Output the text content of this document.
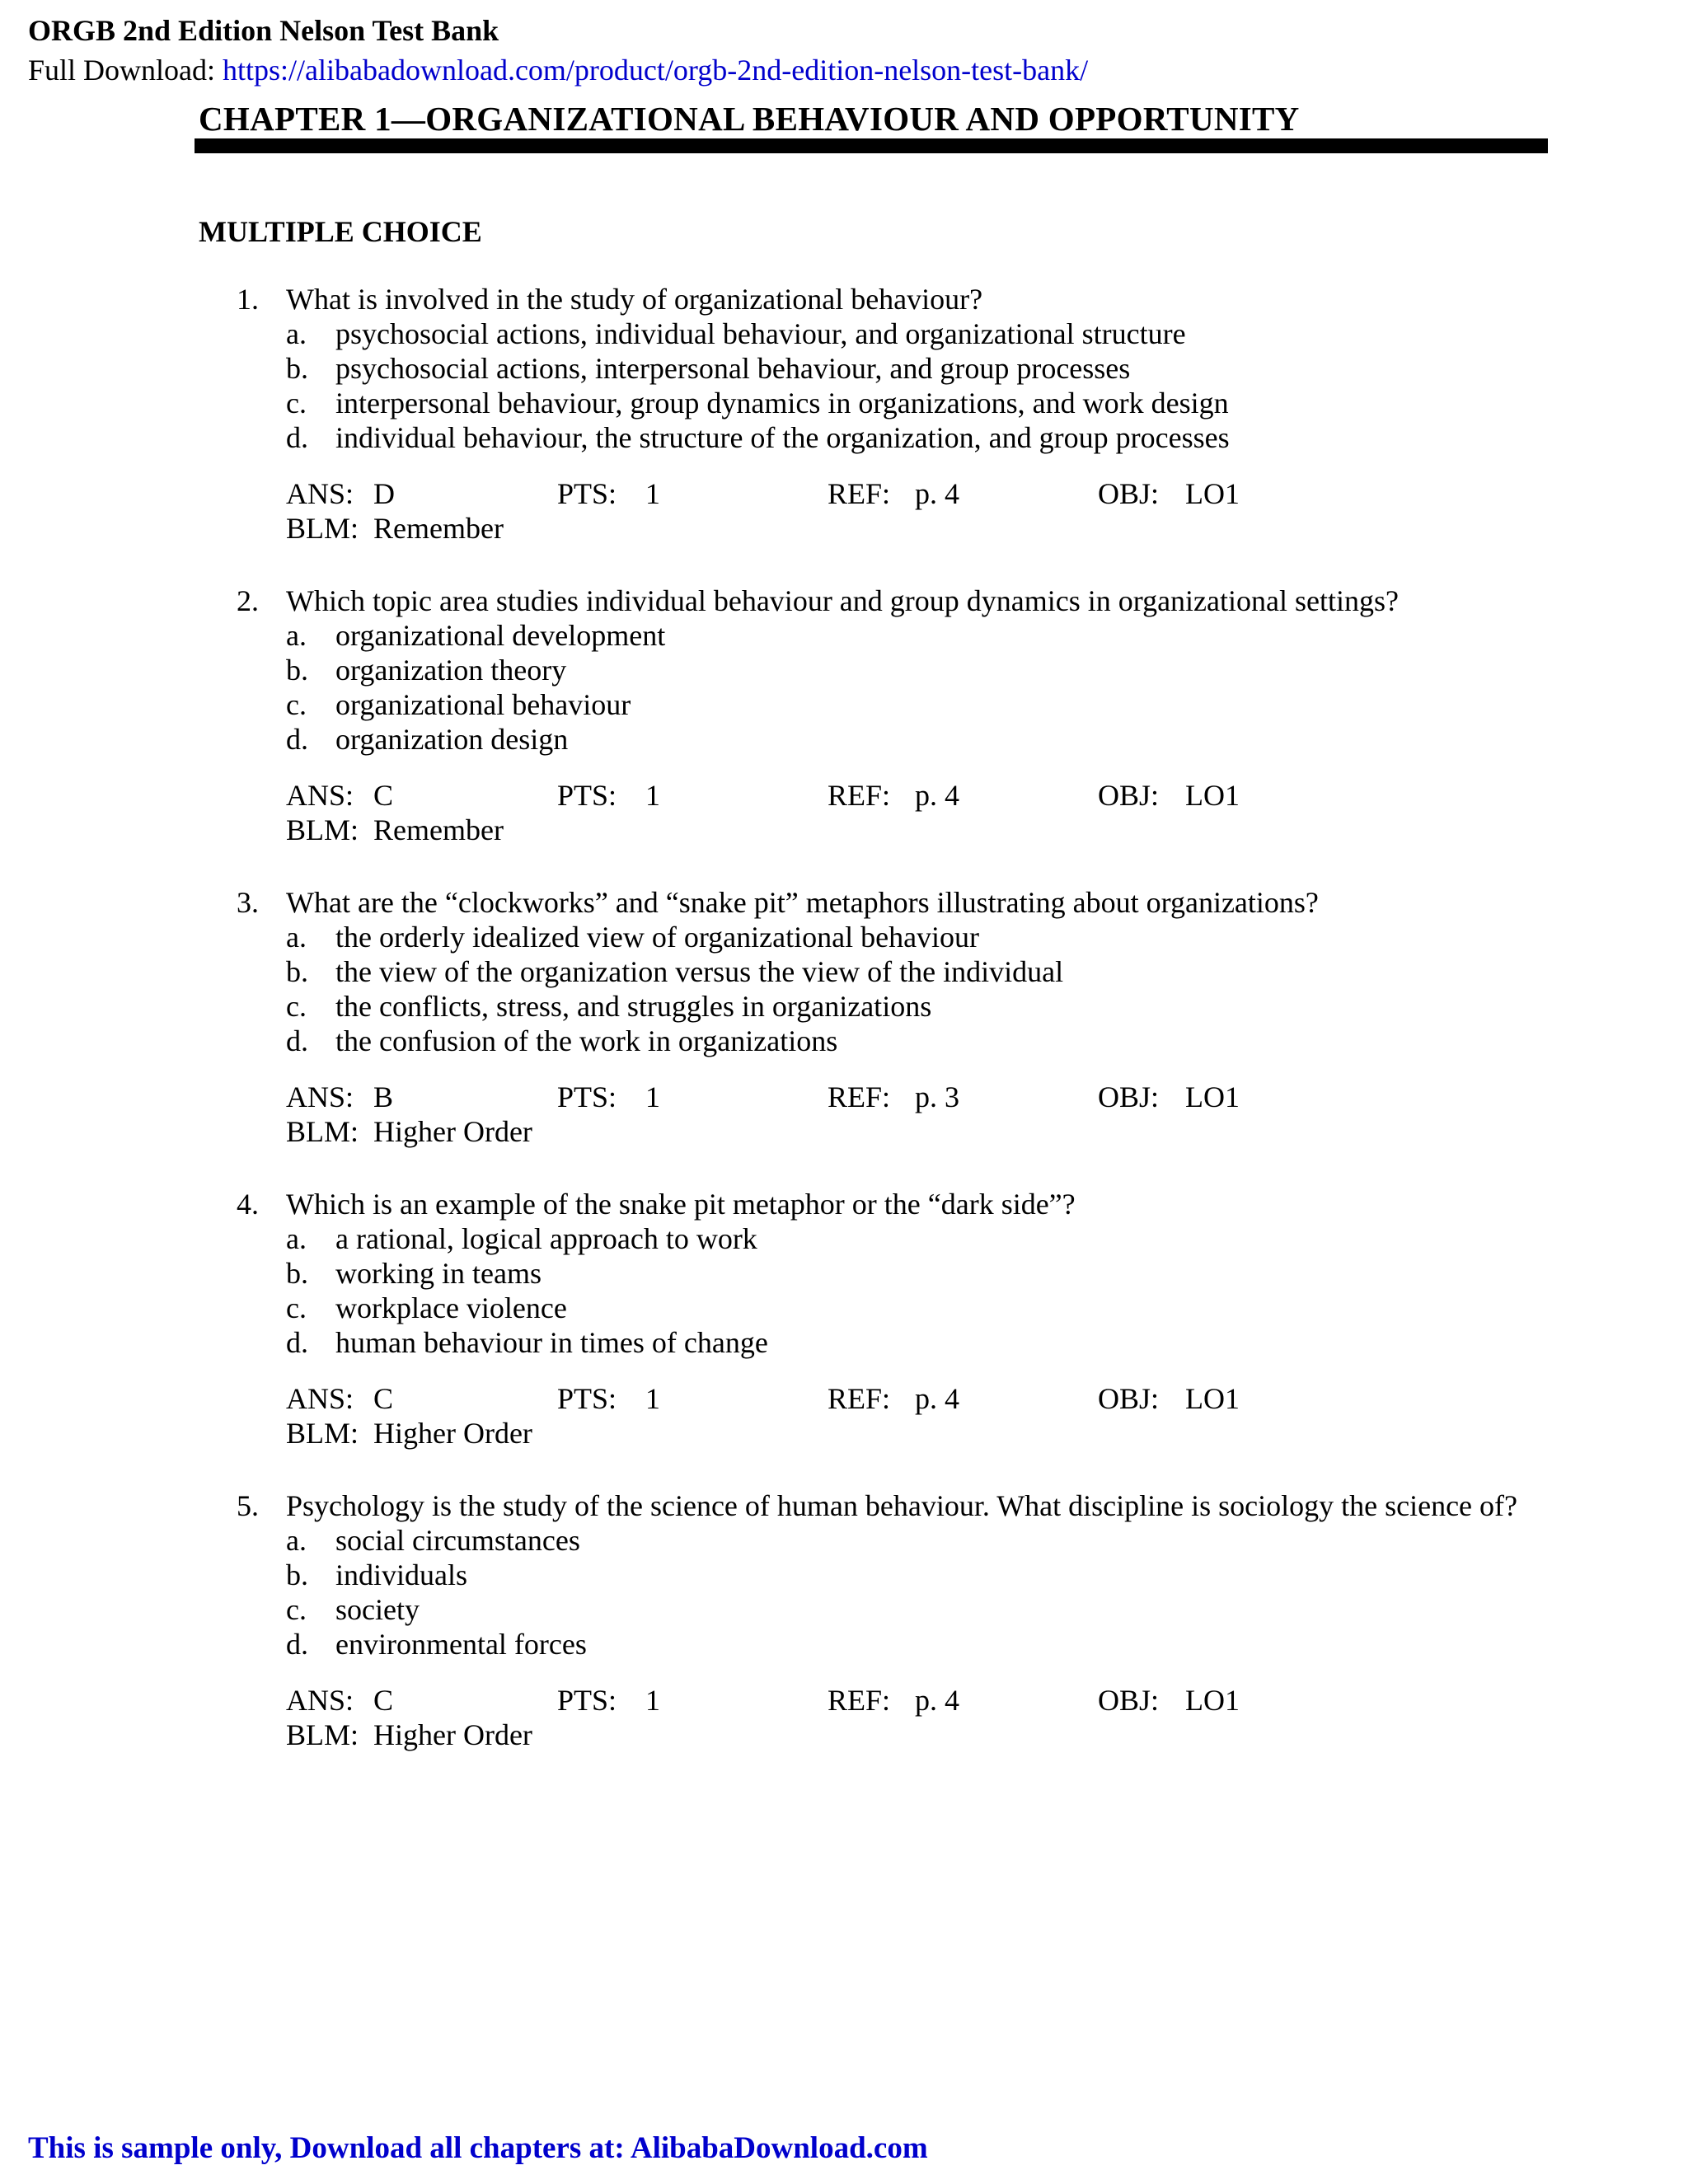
ORGB 2nd Edition Nelson Test Bank
Full Download: https://alibabadownload.com/product/orgb-2nd-edition-nelson-test-bank/
CHAPTER 1—ORGANIZATIONAL BEHAVIOUR AND OPPORTUNITY
MULTIPLE CHOICE
1. What is involved in the study of organizational behaviour?
a. psychosocial actions, individual behaviour, and organizational structure
b. psychosocial actions, interpersonal behaviour, and group processes
c. interpersonal behaviour, group dynamics in organizations, and work design
d. individual behaviour, the structure of the organization, and group processes
ANS: D	PTS: 1	REF: p. 4	OBJ: LO1
BLM: Remember
2. Which topic area studies individual behaviour and group dynamics in organizational settings?
a. organizational development
b. organization theory
c. organizational behaviour
d. organization design
ANS: C	PTS: 1	REF: p. 4	OBJ: LO1
BLM: Remember
3. What are the “clockworks” and “snake pit” metaphors illustrating about organizations?
a. the orderly idealized view of organizational behaviour
b. the view of the organization versus the view of the individual
c. the conflicts, stress, and struggles in organizations
d. the confusion of the work in organizations
ANS: B	PTS: 1	REF: p. 3	OBJ: LO1
BLM: Higher Order
4. Which is an example of the snake pit metaphor or the “dark side”?
a. a rational, logical approach to work
b. working in teams
c. workplace violence
d. human behaviour in times of change
ANS: C	PTS: 1	REF: p. 4	OBJ: LO1
BLM: Higher Order
5. Psychology is the study of the science of human behaviour. What discipline is sociology the science of?
a. social circumstances
b. individuals
c. society
d. environmental forces
ANS: C	PTS: 1	REF: p. 4	OBJ: LO1
BLM: Higher Order
This is sample only, Download all chapters at: AlibabaDownload.com
